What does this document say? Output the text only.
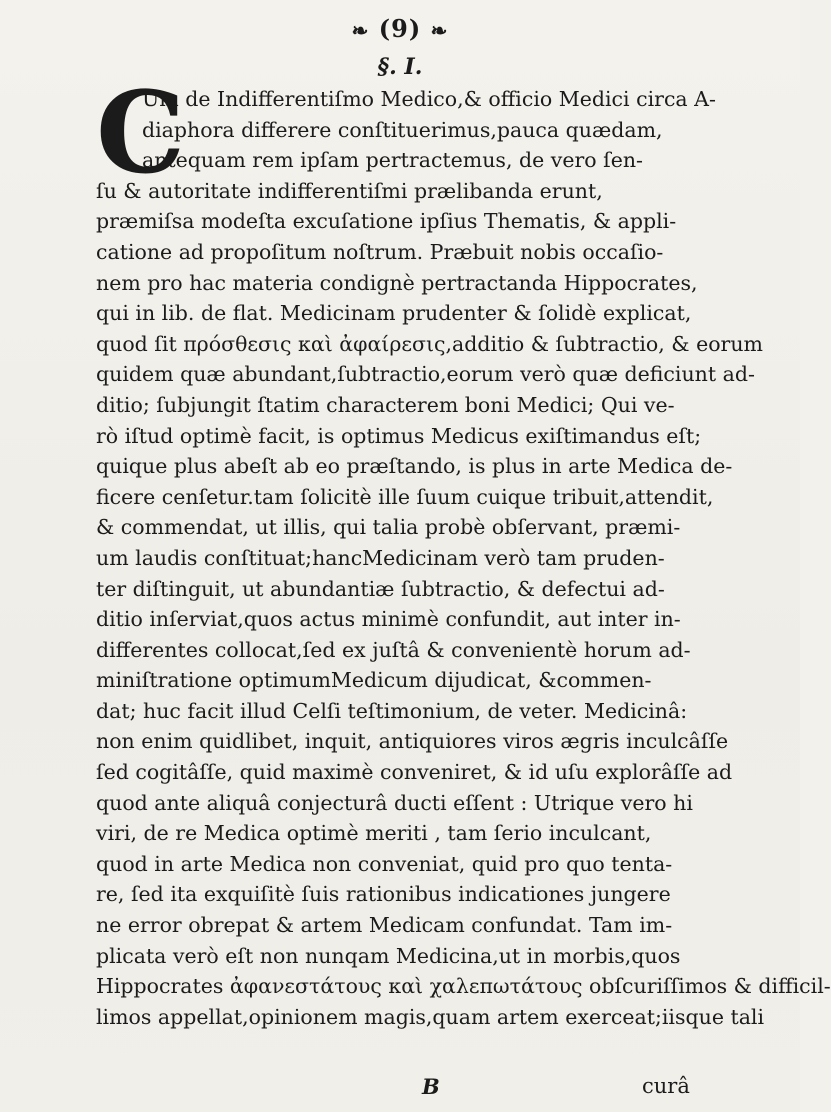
❧ (9) ❧
§. I.
C
Um de Indifferentiſmo Medico,& officio Medici circa A-
diaphora differere conſtituerimus,pauca quædam,
antequam rem ipſam pertractemus, de vero ſen-
ſu & autoritate indifferentiſmi prælibanda erunt,
præmiſsa modeſta excuſatione ipſius Thematis, & appli-
catione ad propoſitum noſtrum. Præbuit nobis occaſio-
nem pro hac materia condignè pertractanda Hippocrates,
qui in lib. de flat. Medicinam prudenter & ſolidè explicat,
quod ſit πρόσθεσις καὶ ἀφαίρεσις,additio & ſubtractio, & eorum
quidem quæ abundant,ſubtractio,eorum verò quæ deficiunt ad-
ditio; ſubjungit ſtatim characterem boni Medici; Qui ve-
rò iſtud optimè facit, is optimus Medicus exiſtimandus eſt;
quique plus abeſt ab eo præſtando, is plus in arte Medica de-
ficere cenſetur.tam ſolicitè ille ſuum cuique tribuit,attendit,
& commendat, ut illis, qui talia probè obſervant, præmi-
um laudis conſtituat;hancMedicinam verò tam pruden-
ter diſtinguit, ut abundantiæ ſubtractio, & defectui ad-
ditio inſerviat,quos actus minimè confundit, aut inter in-
differentes collocat,ſed ex juſtâ & convenientè horum ad-
miniſtratione optimumMedicum dijudicat, &commen-
dat; huc facit illud Celſi teſtimonium, de veter. Medicinâ:
non enim quidlibet, inquit, antiquiores viros ægris inculcâſſe
ſed cogitâſſe, quid maximè conveniret, & id uſu explorâſſe ad
quod ante aliquâ conjecturâ ducti eſſent : Utrique vero hi
viri, de re Medica optimè meriti , tam ſerio inculcant,
quod in arte Medica non conveniat, quid pro quo tenta-
re, ſed ita exquiſitè ſuis rationibus indicationes jungere
ne error obrepat & artem Medicam confundat. Tam im-
plicata verò eſt non nunqam Medicina,ut in morbis,quos
Hippocrates ἀφανεστάτους καὶ χαλεπωτάτους obſcuriſſimos & difficil-
limos appellat,opinionem magis,quam artem exerceat;iisque tali
B	curâ
